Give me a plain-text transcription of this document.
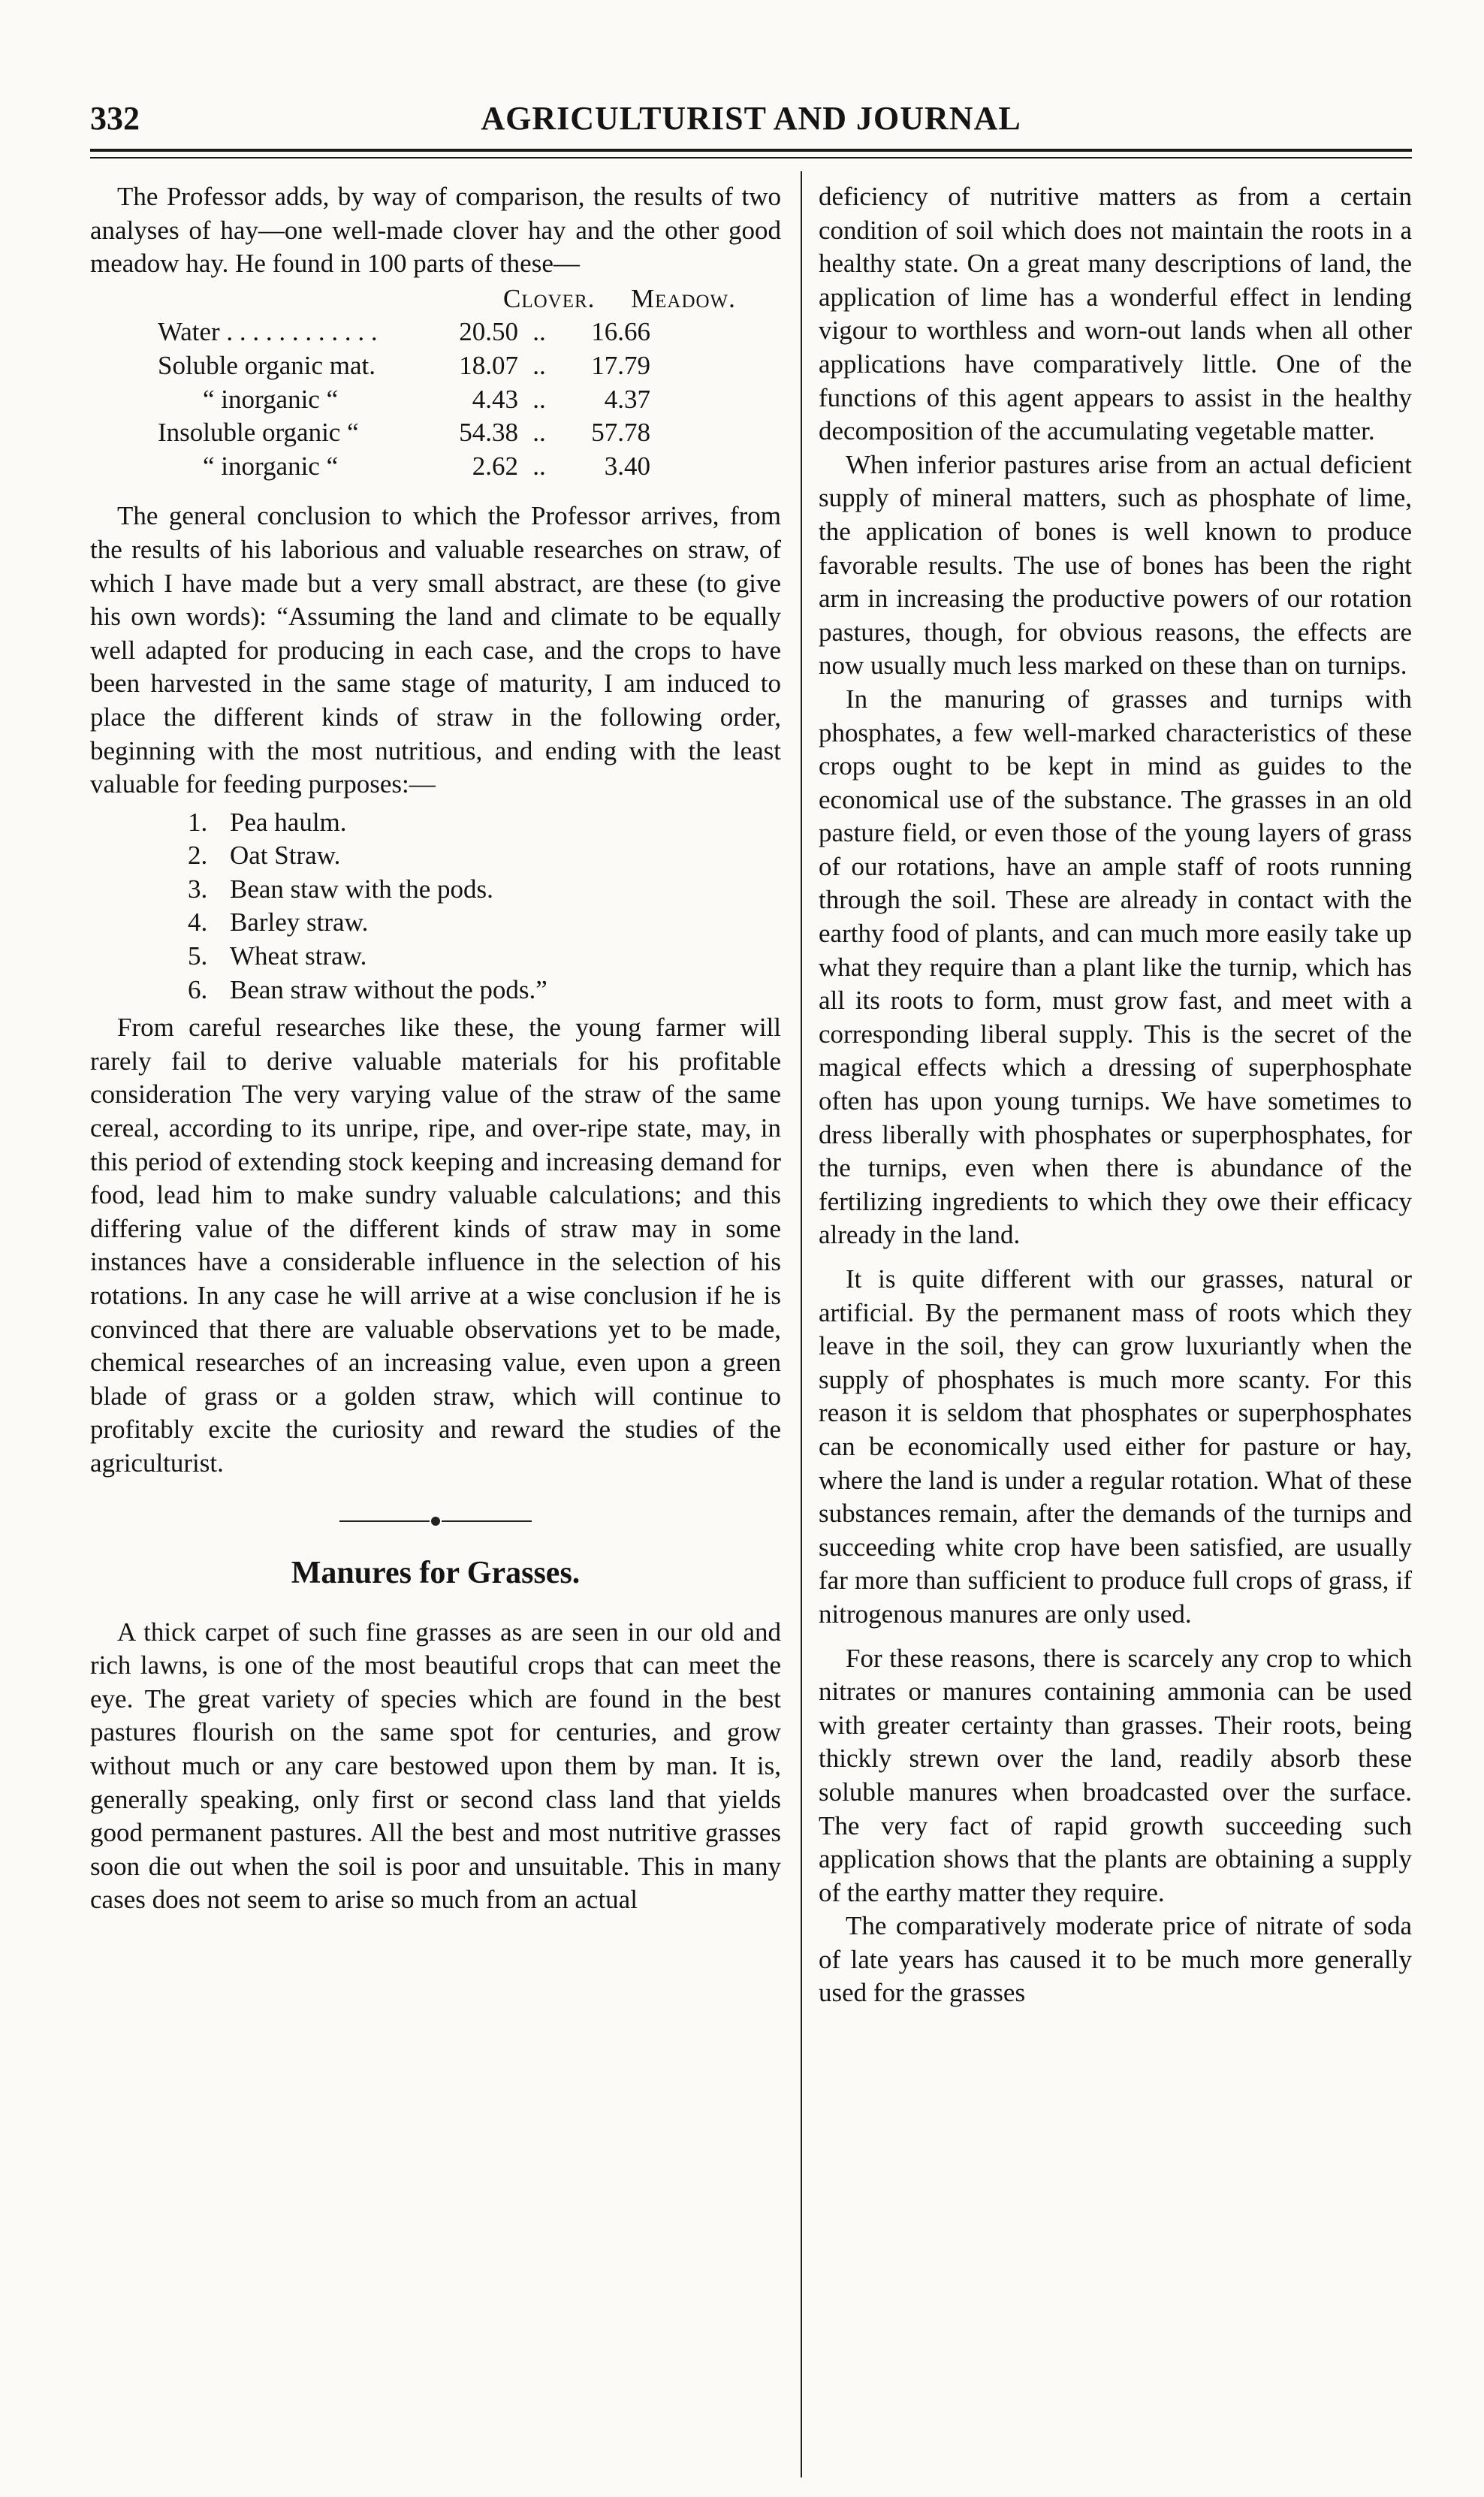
332	AGRICULTURIST AND JOURNAL

The Professor adds, by way of comparison, the results of two analyses of hay—one well-made clover hay and the other good meadow hay. He found in 100 parts of these—

Clover.	Meadow.
Water . . . . . . . . . . . .	20.50 ..	16.66
Soluble organic mat.	18.07 ..	17.79
“ inorganic “	4.43 ..	4.37
Insoluble organic “	54.38 ..	57.78
“ inorganic “	2.62 ..	3.40

The general conclusion to which the Professor arrives, from the results of his laborious and valuable researches on straw, of which I have made but a very small abstract, are these (to give his own words): “Assuming the land and climate to be equally well adapted for producing in each case, and the crops to have been harvested in the same stage of maturity, I am induced to place the different kinds of straw in the following order, beginning with the most nutritious, and ending with the least valuable for feeding purposes:—

1. Pea haulm.
2. Oat Straw.
3. Bean staw with the pods.
4. Barley straw.
5. Wheat straw.
6. Bean straw without the pods.”

From careful researches like these, the young farmer will rarely fail to derive valuable materials for his profitable consideration The very varying value of the straw of the same cereal, according to its unripe, ripe, and over-ripe state, may, in this period of extending stock keeping and increasing demand for food, lead him to make sundry valuable calculations; and this differing value of the different kinds of straw may in some instances have a considerable influence in the selection of his rotations. In any case he will arrive at a wise conclusion if he is convinced that there are valuable observations yet to be made, chemical researches of an increasing value, even upon a green blade of grass or a golden straw, which will continue to profitably excite the curiosity and reward the studies of the agriculturist.

Manures for Grasses.

A thick carpet of such fine grasses as are seen in our old and rich lawns, is one of the most beautiful crops that can meet the eye. The great variety of species which are found in the best pastures flourish on the same spot for centuries, and grow without much or any care bestowed upon them by man. It is, generally speaking, only first or second class land that yields good permanent pastures. All the best and most nutritive grasses soon die out when the soil is poor and unsuitable. This in many cases does not seem to arise so much from an actual

deficiency of nutritive matters as from a certain condition of soil which does not maintain the roots in a healthy state. On a great many descriptions of land, the application of lime has a wonderful effect in lending vigour to worthless and worn-out lands when all other applications have comparatively little. One of the functions of this agent appears to assist in the healthy decomposition of the accumulating vegetable matter.

When inferior pastures arise from an actual deficient supply of mineral matters, such as phosphate of lime, the application of bones is well known to produce favorable results. The use of bones has been the right arm in increasing the productive powers of our rotation pastures, though, for obvious reasons, the effects are now usually much less marked on these than on turnips.

In the manuring of grasses and turnips with phosphates, a few well-marked characteristics of these crops ought to be kept in mind as guides to the economical use of the substance. The grasses in an old pasture field, or even those of the young layers of grass of our rotations, have an ample staff of roots running through the soil. These are already in contact with the earthy food of plants, and can much more easily take up what they require than a plant like the turnip, which has all its roots to form, must grow fast, and meet with a corresponding liberal supply. This is the secret of the magical effects which a dressing of superphosphate often has upon young turnips. We have sometimes to dress liberally with phosphates or superphosphates, for the turnips, even when there is abundance of the fertilizing ingredients to which they owe their efficacy already in the land.

It is quite different with our grasses, natural or artificial. By the permanent mass of roots which they leave in the soil, they can grow luxuriantly when the supply of phosphates is much more scanty. For this reason it is seldom that phosphates or superphosphates can be economically used either for pasture or hay, where the land is under a regular rotation. What of these substances remain, after the demands of the turnips and succeeding white crop have been satisfied, are usually far more than sufficient to produce full crops of grass, if nitrogenous manures are only used.

For these reasons, there is scarcely any crop to which nitrates or manures containing ammonia can be used with greater certainty than grasses. Their roots, being thickly strewn over the land, readily absorb these soluble manures when broadcasted over the surface. The very fact of rapid growth succeeding such application shows that the plants are obtaining a supply of the earthy matter they require.

The comparatively moderate price of nitrate of soda of late years has caused it to be much more generally used for the grasses
